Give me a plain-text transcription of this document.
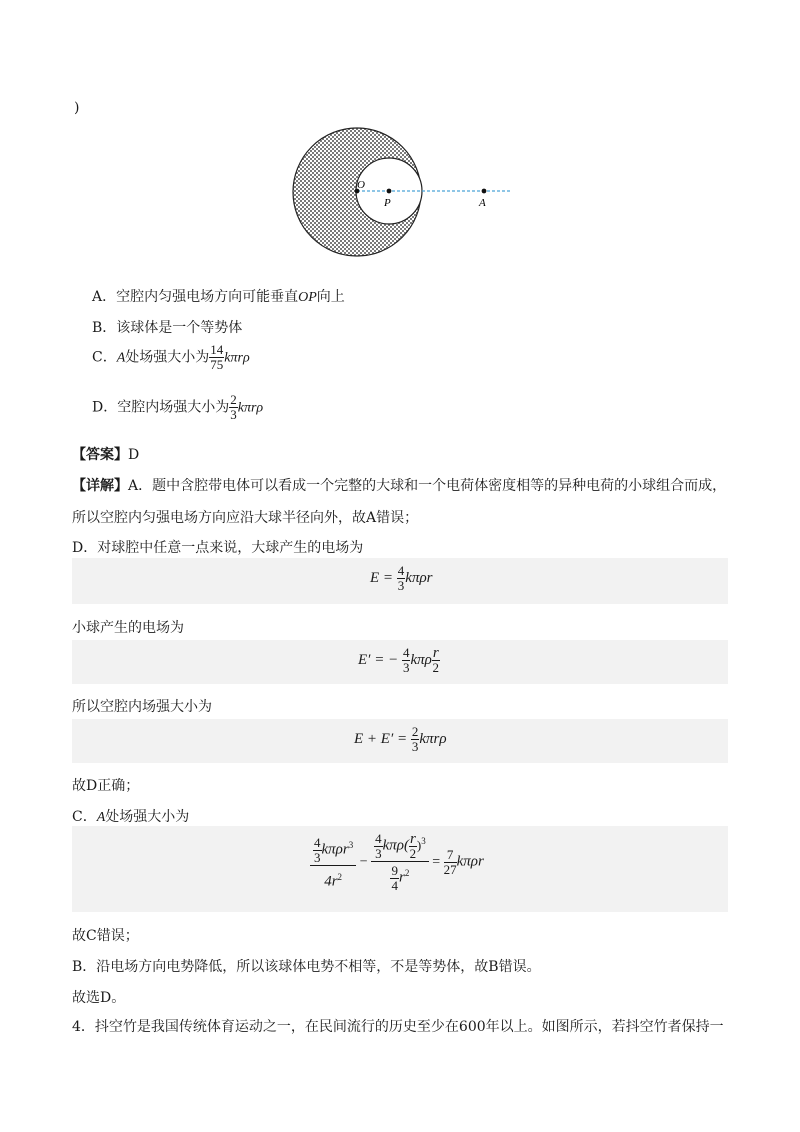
)
O
P	A
A．空腔内匀强电场方向可能垂直OP向上
B．该球体是一个等势体
C．A处场强大小为 $\frac{14}{75}$ kπrρ
D．空腔内场强大小为 $\frac{2}{3}$ kπrρ
【答案】D
【详解】A．题中含腔带电体可以看成一个完整的大球和一个电荷体密度相等的异种电荷的小球组合而成，
所以空腔内匀强电场方向应沿大球半径向外，故A错误；
D．对球腔中任意一点来说，大球产生的电场为
$E = \frac{4}{3}$ kπρr
小球产生的电场为
E′ = − $\frac{4}{3}$ kπρ $\frac{r}{2}$
所以空腔内场强大小为
$E + E' = \frac{2}{3}$ kπrρ
故D正确；
C．A处场强大小为
$\frac{\frac{4}{3} k\pi\rho r^3}{4r^2} - \frac{\frac{4}{3} k\pi\rho( \frac{r}{2} )^3}{\frac{9}{4} r^2} = \frac{7}{27}$ kπρr
故C错误；
B．沿电场方向电势降低，所以该球体电势不相等，不是等势体，故B错误。
故选D。
4．抖空竹是我国传统体育运动之一，在民间流行的历史至少在600年以上。如图所示，若抖空竹者保持一
